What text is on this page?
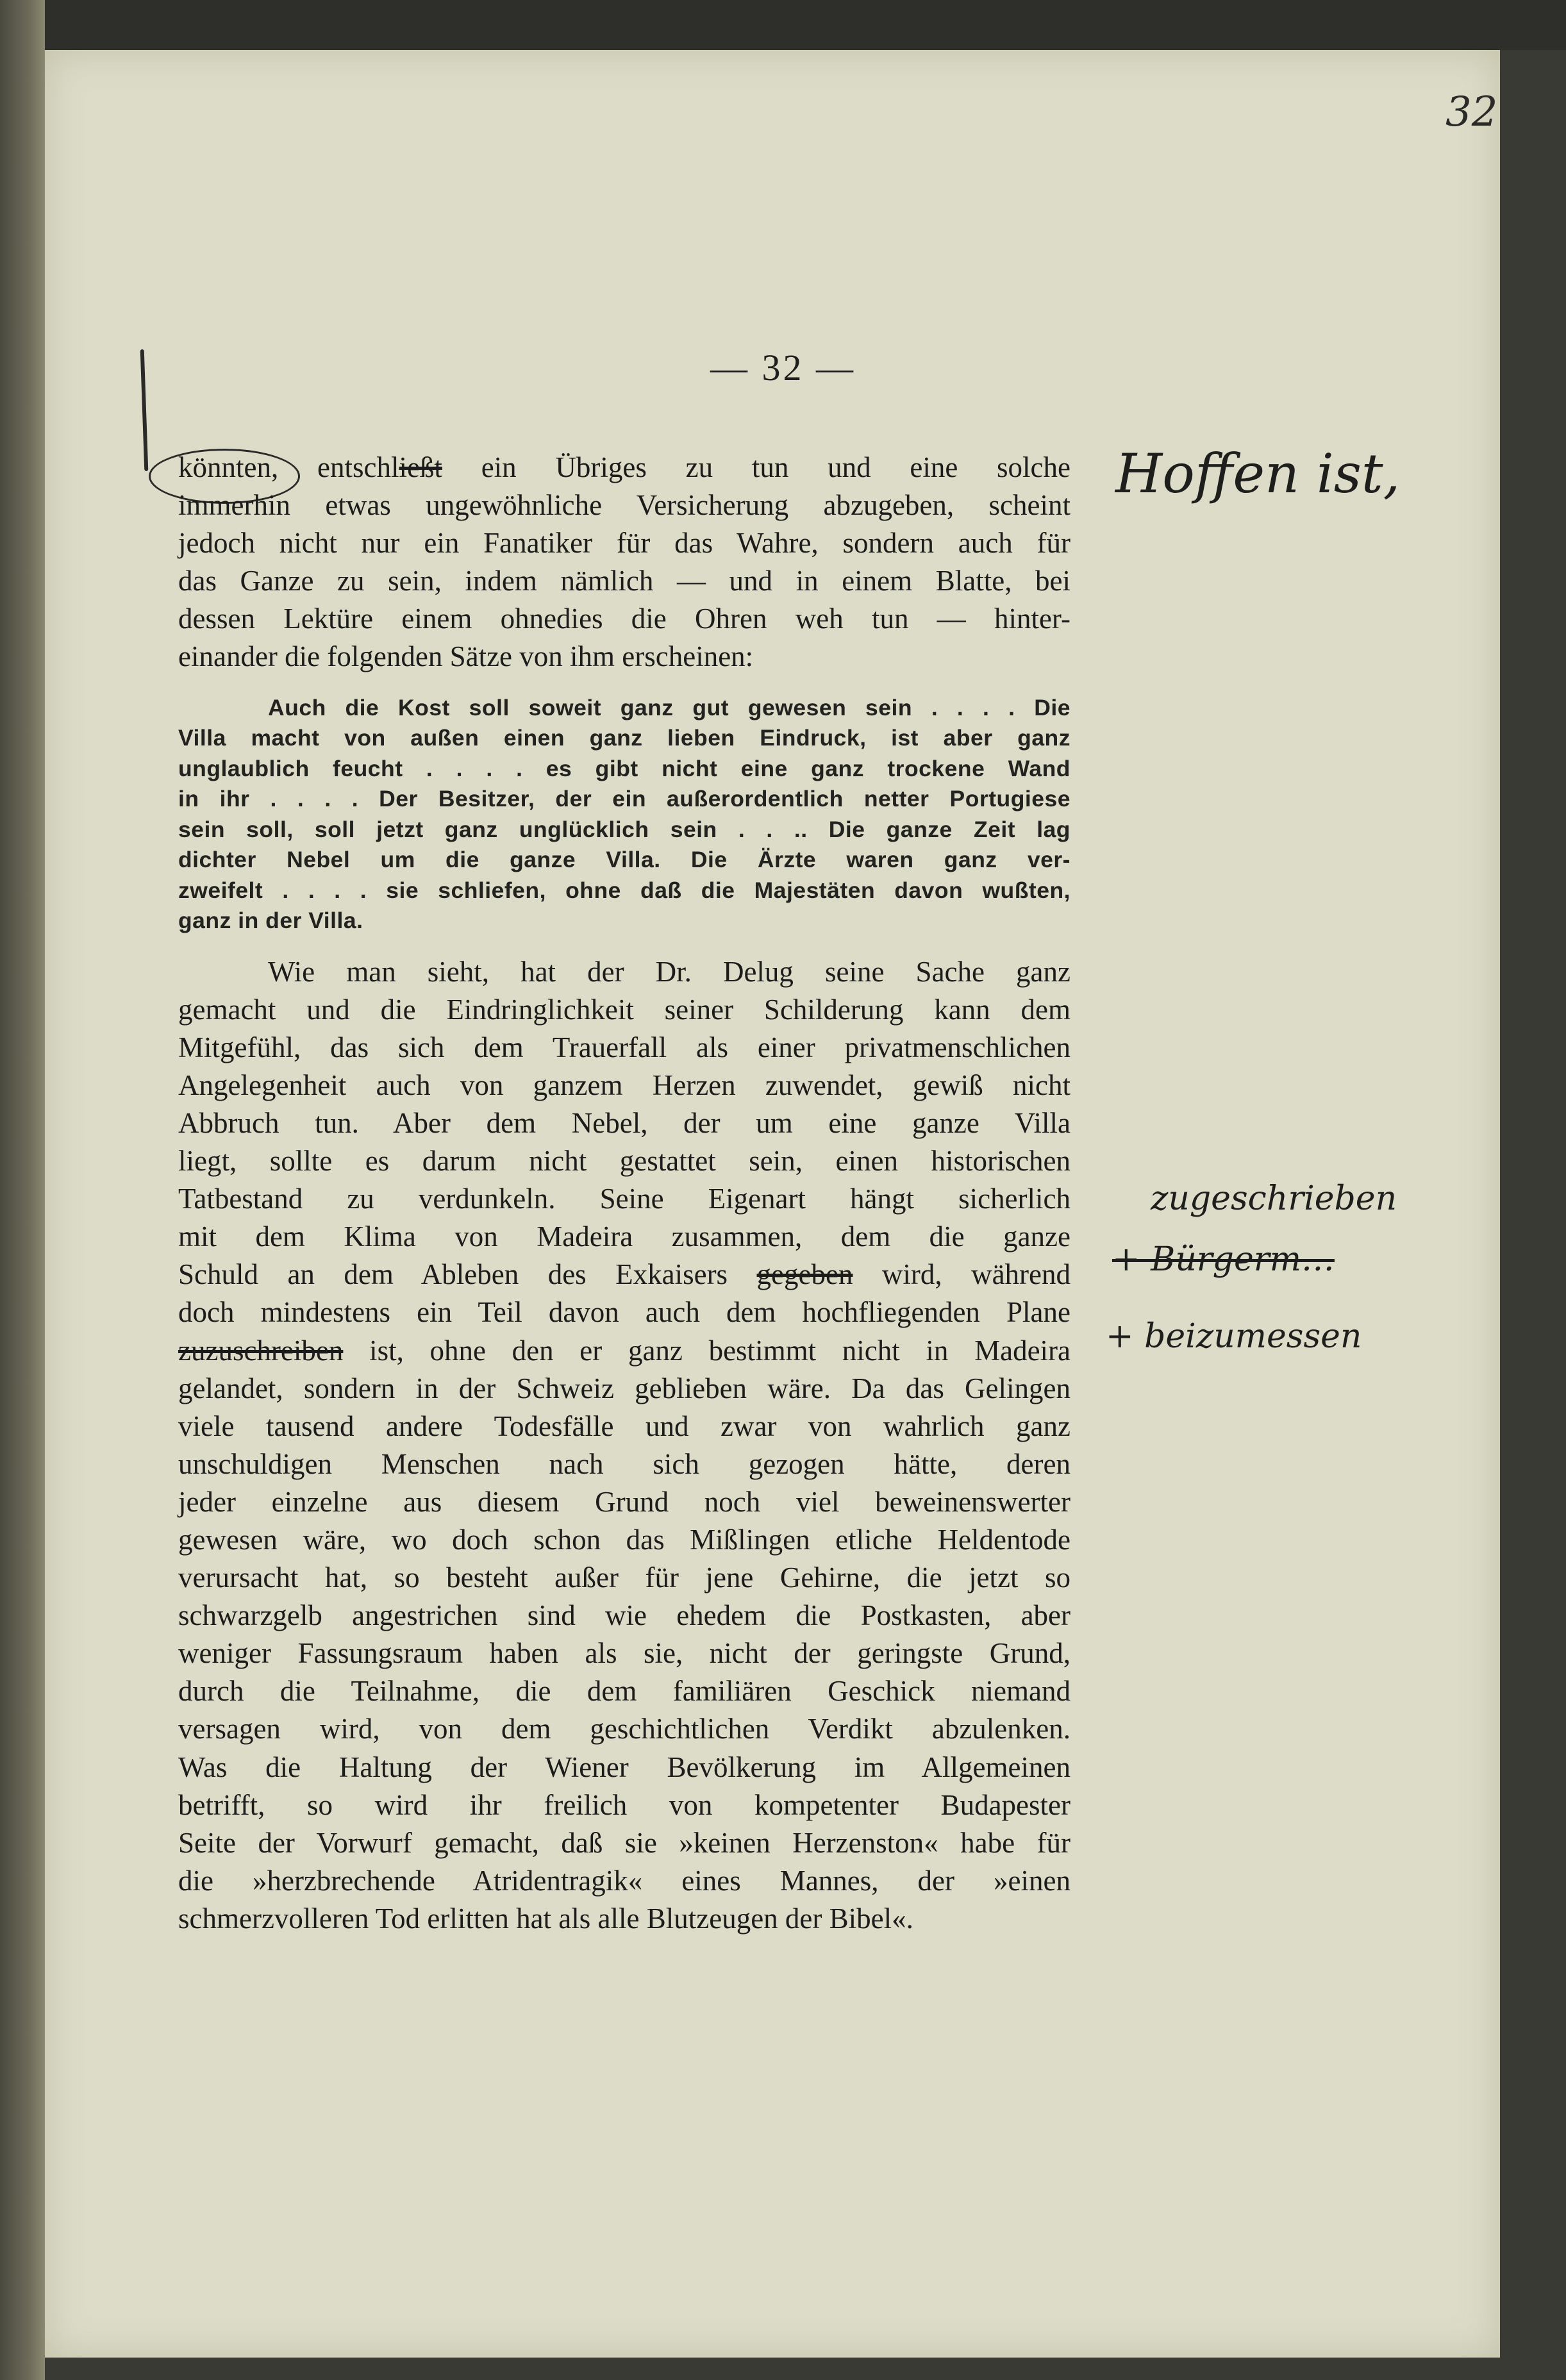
32
— 32 —
Hoffen ist,
zugeschrieben
+ Bürgerm…
+ beizumessen

könnten, entschließt ein Übriges zu tun und eine solche
immerhin etwas ungewöhnliche Versicherung abzugeben, scheint
jedoch nicht nur ein Fanatiker für das Wahre, sondern auch für
das Ganze zu sein, indem nämlich — und in einem Blatte, bei
dessen Lektüre einem ohnedies die Ohren weh tun — hinter-
einander die folgenden Sätze von ihm erscheinen:

Auch die Kost soll soweit ganz gut gewesen sein . . . . Die
Villa macht von außen einen ganz lieben Eindruck, ist aber ganz
unglaublich feucht . . . . es gibt nicht eine ganz trockene Wand
in ihr . . . . Der Besitzer, der ein außerordentlich netter Portugiese
sein soll, soll jetzt ganz unglücklich sein . . .. Die ganze Zeit lag
dichter Nebel um die ganze Villa. Die Ärzte waren ganz ver-
zweifelt . . . . sie schliefen, ohne daß die Majestäten davon wußten,
ganz in der Villa.

Wie man sieht, hat der Dr. Delug seine Sache ganz
gemacht und die Eindringlichkeit seiner Schilderung kann dem
Mitgefühl, das sich dem Trauerfall als einer privatmenschlichen
Angelegenheit auch von ganzem Herzen zuwendet, gewiß nicht
Abbruch tun. Aber dem Nebel, der um eine ganze Villa
liegt, sollte es darum nicht gestattet sein, einen historischen
Tatbestand zu verdunkeln. Seine Eigenart hängt sicherlich
mit dem Klima von Madeira zusammen, dem die ganze
Schuld an dem Ableben des Exkaisers gegeben wird, während
doch mindestens ein Teil davon auch dem hochfliegenden Plane
zuzuschreiben ist, ohne den er ganz bestimmt nicht in Madeira
gelandet, sondern in der Schweiz geblieben wäre. Da das Gelingen
viele tausend andere Todesfälle und zwar von wahrlich ganz
unschuldigen Menschen nach sich gezogen hätte, deren
jeder einzelne aus diesem Grund noch viel beweinenswerter
gewesen wäre, wo doch schon das Mißlingen etliche Heldentode
verursacht hat, so besteht außer für jene Gehirne, die jetzt so
schwarzgelb angestrichen sind wie ehedem die Postkasten, aber
weniger Fassungsraum haben als sie, nicht der geringste Grund,
durch die Teilnahme, die dem familiären Geschick niemand
versagen wird, von dem geschichtlichen Verdikt abzulenken.
Was die Haltung der Wiener Bevölkerung im Allgemeinen
betrifft, so wird ihr freilich von kompetenter Budapester
Seite der Vorwurf gemacht, daß sie »keinen Herzenston« habe für
die »herzbrechende Atridentragik« eines Mannes, der »einen
schmerzvolleren Tod erlitten hat als alle Blutzeugen der Bibel«.
